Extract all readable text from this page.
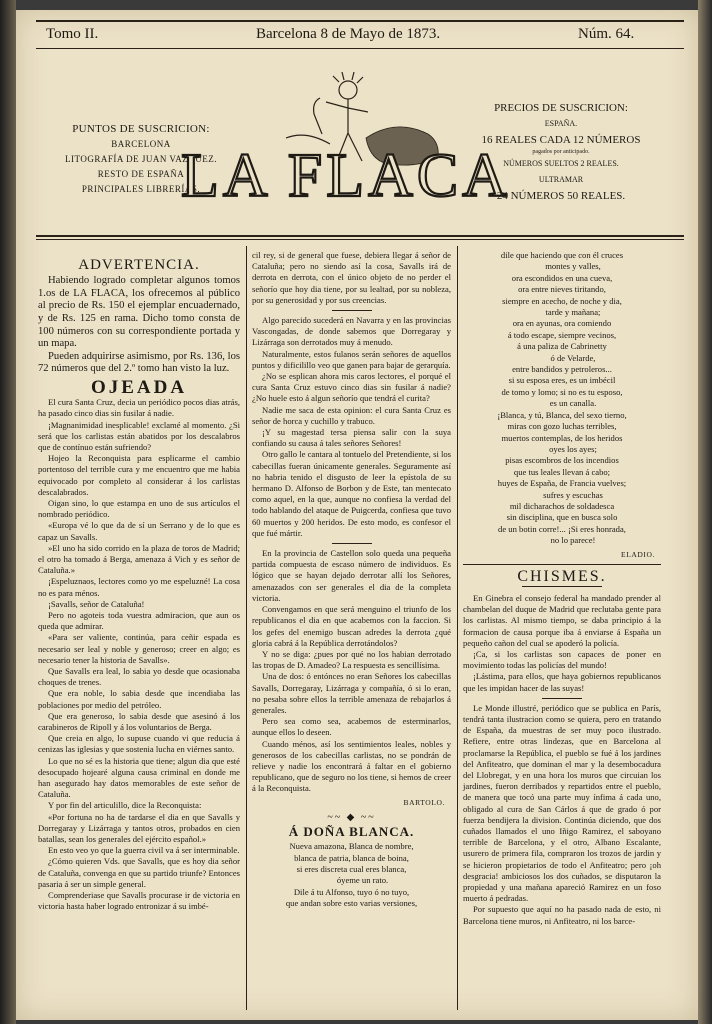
Tomo II.	Barcelona 8 de Mayo de 1873.	Núm. 64.
PUNTOS DE SUSCRICION:
BARCELONA
LITOGRAFÍA DE JUAN VAZQUEZ.
RESTO DE ESPAÑA
PRINCIPALES LIBRERÍAS.
LA FLACA
PRECIOS DE SUSCRICION:
ESPAÑA.
16 REALES CADA 12 NÚMEROS
pagados por anticipado.
NÚMEROS SUELTOS 2 REALES.
ULTRAMAR
24 NÚMEROS 50 REALES.
ADVERTENCIA.

Habiendo logrado completar algunos tomos 1.os de LA FLACA, los ofrecemos al público al precio de Rs. 150 el ejemplar encuadernado, y de Rs. 125 en rama. Dicho tomo consta de 100 números con su correspondiente portada y un mapa.

Pueden adquirirse asimismo, por Rs. 136, los 72 números que del 2.º tomo han visto la luz.

OJEADA

El cura Santa Cruz, decia un periódico pocos dias atrás, ha pasado cinco dias sin fusilar á nadie.

¡Magnanimidad inesplicable! exclamé al momento. ¿Si será que los carlistas están abatidos por los descalabros que de contínuo están sufriendo?

Hojeo la Reconquista para esplicarme el cambio portentoso del terrible cura y me encuentro que me habia equivocado por completo al considerar á los carlistas descalabrados.

Oigan sino, lo que estampa en uno de sus artículos el nombrado periódico.

«Europa vé lo que da de sí un Serrano y de lo que es capaz un Savalls.

»El uno ha sido corrido en la plaza de toros de Madrid; el otro ha tomado á Berga, amenaza á Vich y es señor de Cataluña.»

¡Espeluznaos, lectores como yo me espeluzné! La cosa no es para ménos.

¡Savalls, señor de Cataluña!

Pero no agoteis toda vuestra admiracion, que aun os queda que admirar.

«Para ser valiente, continúa, para ceñir espada es necesario ser leal y noble y generoso; creer en algo; es necesario tener la historia de Savalls».

Que Savalls era leal, lo sabia yo desde que ocasionaba choques de trenes.

Que era noble, lo sabia desde que incendiaba las poblaciones por medio del petróleo.

Que era generoso, lo sabia desde que asesinó á los carabineros de Ripoll y á los voluntarios de Berga.

Que creia en algo, lo supuse cuando vi que reducia á cenizas las iglesias y que sostenia lucha en viérnes santo.

Lo que no sé es la historia que tiene; algun dia que esté desocupado hojearé alguna causa criminal en donde me han asegurado hay datos memorables de este señor de Cataluña.

Y por fin del articulillo, dice la Reconquista:

«Por fortuna no ha de tardarse el dia en que Savalls y Dorregaray y Lizárraga y tantos otros, probados en cien batallas, sean los generales del ejército español.»

En esto veo yo que la guerra civil va á ser interminable.

¿Cómo quieren Vds. que Savalls, que es hoy dia señor de Cataluña, convenga en que su partido triunfe? Entonces pasaria á ser un simple general.

Comprenderiase que Savalls procurase ir de victoria en victoria hasta haber logrado entronizar á su imbé-

cil rey, si de general que fuese, debiera llegar á señor de Cataluña; pero no siendo así la cosa, Savalls irá de derrota en derrota, con el único objeto de no perder el señorío que hoy dia tiene, por su lealtad, por su nobleza, por su generosidad y por sus creencias.

Algo parecido sucederá en Navarra y en las provincias Vascongadas, de donde sabemos que Dorregaray y Lizárraga son derrotados muy á menudo.

Naturalmente, estos fulanos serán señores de aquellos puntos y dificilillo veo que ganen para bajar de gerarquía.

¿No se esplican ahora mis caros lectores, el porqué el cura Santa Cruz estuvo cinco dias sin fusilar á nadie? ¿No huele esto á algun señorío que tendrá el curita?

Nadie me saca de esta opinion: el cura Santa Cruz es señor de horca y cuchillo y trabuco.

¡Y su magestad tersa piensa salir con la suya confiando su causa á tales señores Señores!

Otro gallo le cantara al tontuelo del Pretendiente, si los cabecillas fueran únicamente generales. Seguramente así no habria tenido el disgusto de leer la epístola de su hermano D. Alfonso de Borbon y de Este, tan mentecato como aquel, en la que, aunque no confiesa la verdad del todo hablando del ataque de Puigcerda, confiesa que tuvo 60 muertos y 200 heridos. De esto modo, es confesor el que fué mártir.

En la provincia de Castellon solo queda una pequeña partida compuesta de escaso número de individuos. Es lógico que se hayan dejado derrotar allí los Señores, amenazados con ser generales el dia de la completa victoria.

Convengamos en que será menguino el triunfo de los republicanos el dia en que acabemos con la faccion. Si los gefes del enemigo buscan adredes la derrota ¿qué gloria cabrá á la República derrotándolos?

Y no se diga: ¿pues por qué no los habian derrotado las tropas de D. Amadeo? La respuesta es sencillísima.

Una de dos: ó entónces no eran Señores los cabecillas Savalls, Dorregaray, Lizárraga y compañía, ó si lo eran, no pesaba sobre ellos la terrible amenaza de rebajarlos á generales.

Pero sea como sea, acabemos de esterminarlos, aunque ellos lo deseen.

Cuando ménos, así los sentimientos leales, nobles y generosos de los cabecillas carlistas, no se pondrán de relieve y nadie los encontrará á faltar en el gobierno republicano, que de seguro no los tiene, si hemos de creer á la Reconquista.

BARTOLO.
~~ ◆ ~~
Á DOÑA BLANCA.
Nueva amazona, Blanca de nombre,
blanca de patria, blanca de boina,
si eres discreta cual eres blanca,
óyeme un rato.
Dile á tu Alfonso, tuyo ó no tuyo,
que andan sobre esto varias versiones,
dile que haciendo que con él cruces
montes y valles,
ora escondidos en una cueva,
ora entre nieves tiritando,
siempre en acecho, de noche y dia,
tarde y mañana;
ora en ayunas, ora comiendo
á todo escape, siempre vecinos,
á una paliza de Cabrinetty
ó de Velarde,
entre bandidos y petroleros...
si su esposa eres, es un imbécil
de tomo y lomo; si no es tu esposo,
es un canalla.
¡Blanca, y tú, Blanca, del sexo tierno,
miras con gozo luchas terribles,
muertos contemplas, de los heridos
oyes los ayes;
pisas escombros de los incendios
que tus leales llevan á cabo;
huyes de España, de Francia vuelves;
sufres y escuchas
mil dicharachos de soldadesca
sin disciplina, que en busca solo
de un botin corre!... ¡Si eres honrada,
no lo parece!
ELADIO.
CHISMES.

En Ginebra el consejo federal ha mandado prender al chambelan del duque de Madrid que reclutaba gente para los carlistas. Al mismo tiempo, se daba principio á la formacion de causa porque iba á enviarse á España un pequeño cañon del cual se apoderó la policía.

¡Ca, si los carlistas son capaces de poner en movimiento todas las policías del mundo!

¡Lástima, para ellos, que haya gobiernos republicanos que les impidan hacer de las suyas!

Le Monde illustré, periódico que se publica en París, tendrá tanta ilustracion como se quiera, pero en tratando de España, da muestras de ser muy poco ilustrado. Refiere, entre otras lindezas, que en Barcelona al proclamarse la República, el pueblo se fué á los jardines del Anfiteatro, que dominan el mar y la desembocadura del Llobregat, y en una hora los muros que circuian los jardines, fueron derribados y repartidos entre el pueblo, de manera que tocó una parte muy ínfima á cada uno, obligado al cura de San Cárlos á que de grado ó por fuerza bendijera la division. Continúa diciendo, que dos cuñados llamados el uno Iñigo Ramirez, el saboyano terrible de Barcelona, y el otro, Albano Escalante, usurero de primera fila, compraron los trozos de jardin y se hicieron propietarios de todo el Anfiteatro; pero ¡oh desgracia! ambiciosos los dos cuñados, se disputaron la propiedad y una mañana apareció Ramirez en un foso muerto á pedradas.

Por supuesto que aquí no ha pasado nada de esto, ni Barcelona tiene muros, ni Anfiteatro, ni los barce-
